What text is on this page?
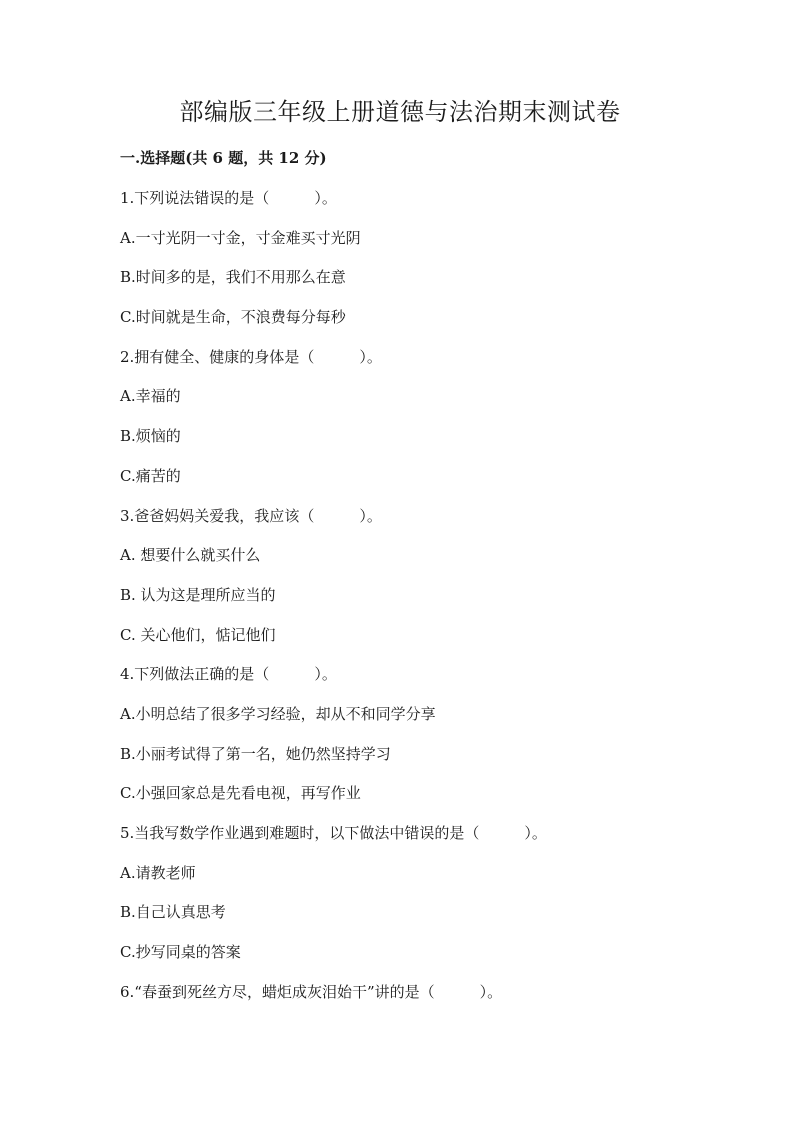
部编版三年级上册道德与法治期末测试卷
一.选择题(共 6 题，共 12 分)
1.下列说法错误的是（　　　）。
A.一寸光阴一寸金，寸金难买寸光阴
B.时间多的是，我们不用那么在意
C.时间就是生命，不浪费每分每秒
2.拥有健全、健康的身体是（　　　）。
A.幸福的
B.烦恼的
C.痛苦的
3.爸爸妈妈关爱我，我应该（　　　）。
A. 想要什么就买什么
B. 认为这是理所应当的
C. 关心他们，惦记他们
4.下列做法正确的是（　　　）。
A.小明总结了很多学习经验，却从不和同学分享
B.小丽考试得了第一名，她仍然坚持学习
C.小强回家总是先看电视，再写作业
5.当我写数学作业遇到难题时，以下做法中错误的是（　　　）。
A.请教老师
B.自己认真思考
C.抄写同桌的答案
6.“春蚕到死丝方尽，蜡炬成灰泪始干”讲的是（　　　）。
